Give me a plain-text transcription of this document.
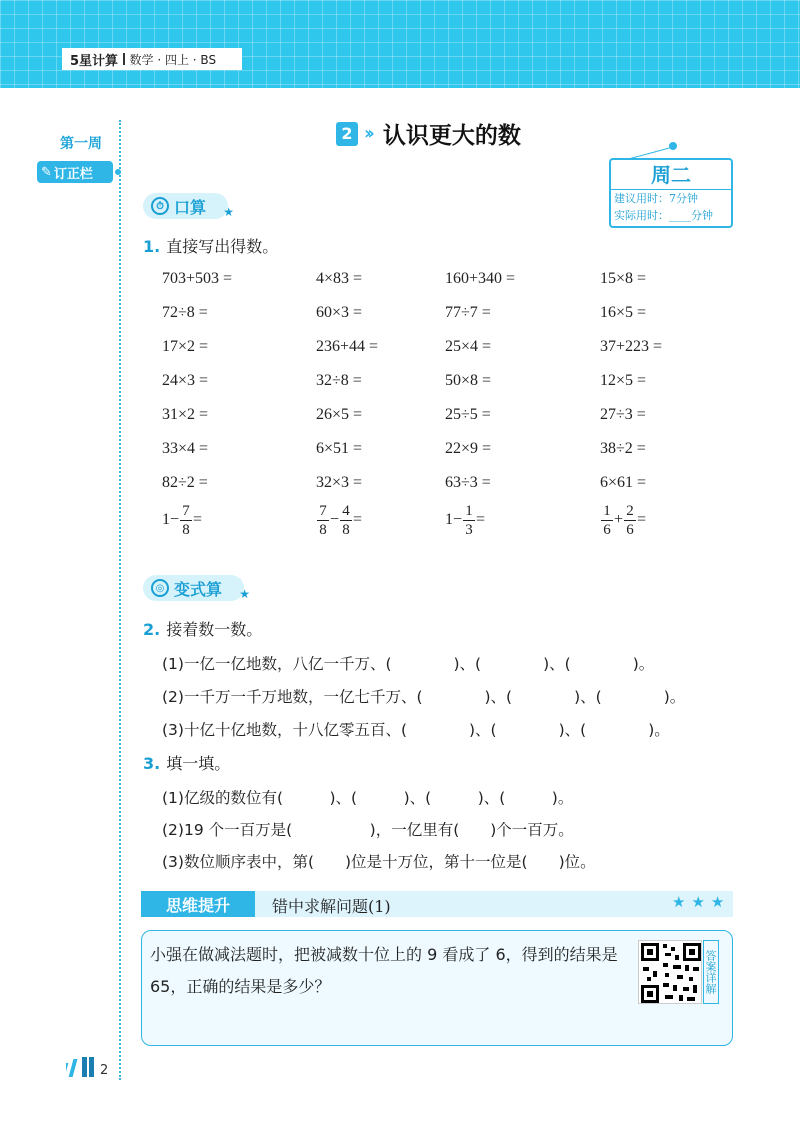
5星计算 数学 · 四上 · BS
第一周
✎ 订正栏
2 ›› 认识更大的数
周二
建议用时：7分钟
实际用时：____分钟
⏱ 口算 ★
1. 直接写出得数。
703+503 =	4×83 =	160+340 =	15×8 =
72÷8 =	60×3 =	77÷7 =	16×5 =
17×2 =	236+44 =	25×4 =	37+223 =
24×3 =	32÷8 =	50×8 =	12×5 =
31×2 =	26×5 =	25÷5 =	27÷3 =
33×4 =	6×51 =	22×9 =	38÷2 =
82÷2 =	32×3 =	63÷3 =	6×61 =
$1- \frac{7}{8}$ =	$\frac{7}{8} - \frac{4}{8}$ =	$1- \frac{1}{3}$ =	$\frac{1}{6} + \frac{2}{6}$ =
◎ 变式算 ★
2. 接着数一数。
(1)一亿一亿地数，八亿一千万、(　　　　)、(　　　　)、(　　　　)。
(2)一千万一千万地数，一亿七千万、(　　　　)、(　　　　)、(　　　　)。
(3)十亿十亿地数，十八亿零五百、(　　　　)、(　　　　)、(　　　　)。
3. 填一填。
(1)亿级的数位有(　　　)、(　　　)、(　　　)、(　　　)。
(2)19 个一百万是(　　　　　)，一亿里有(　　)个一百万。
(3)数位顺序表中，第(　　)位是十万位，第十一位是(　　)位。
思维提升	错中求解问题(1)	★★★
小强在做减法题时，把被减数十位上的 9 看成了 6，得到的结果是 65，正确的结果是多少？	答案详解
2
